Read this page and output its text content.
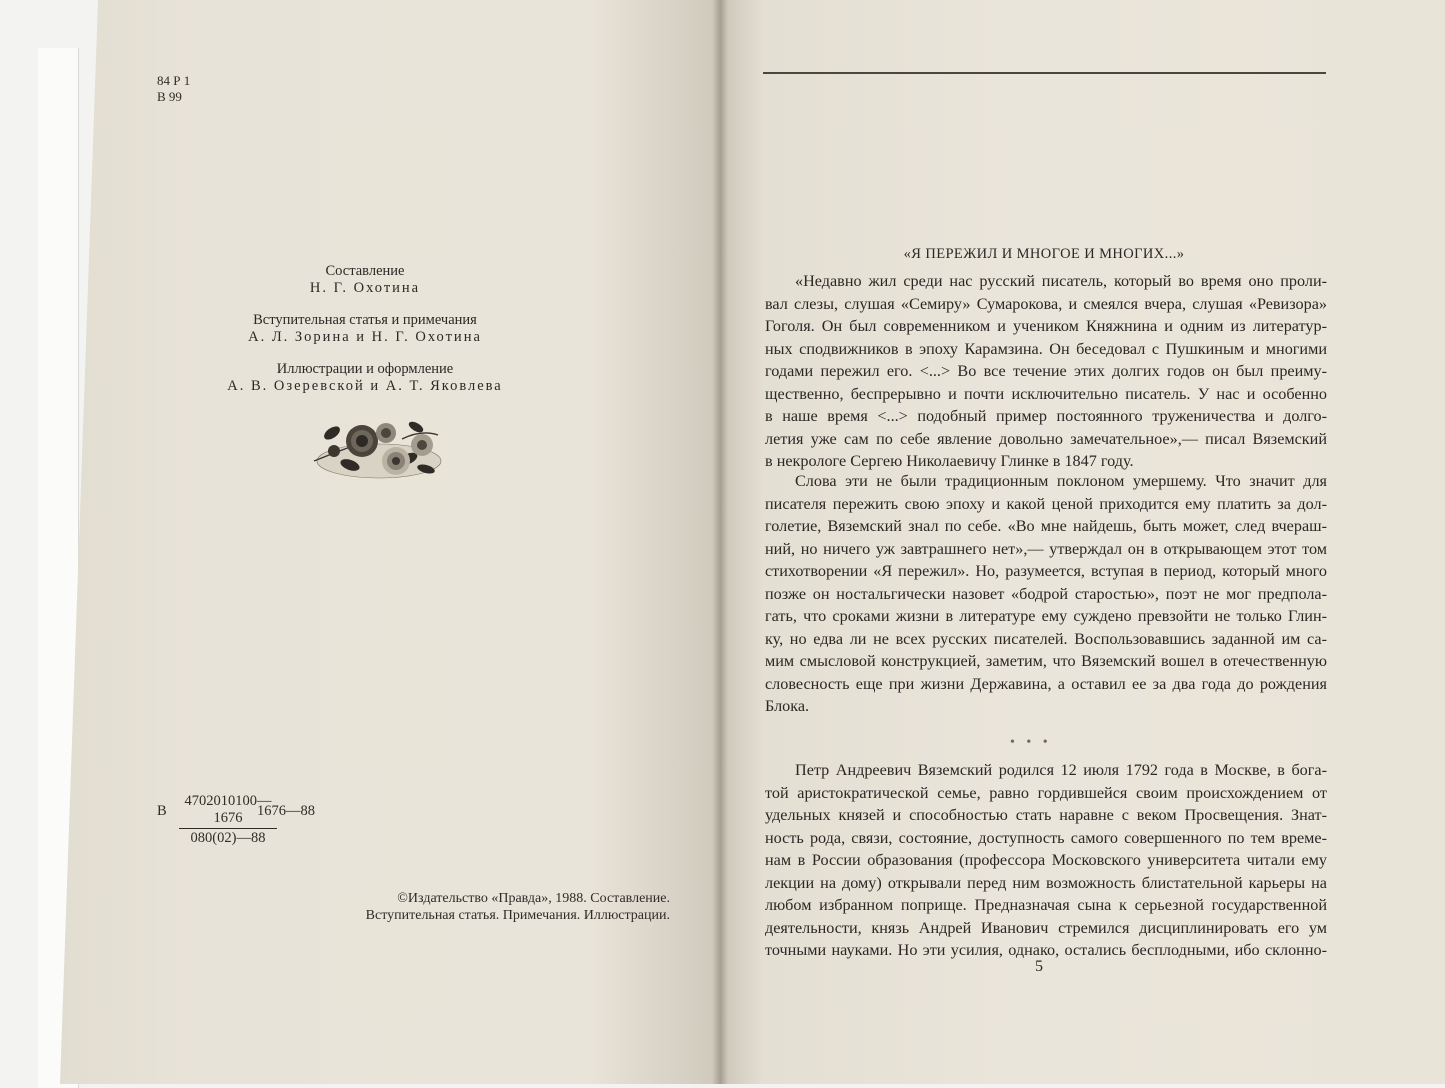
84 Р 1
В 99
Составление
Н. Г. Охотина
Вступительная статья и примечания
А. Л. Зорина и Н. Г. Охотина
Иллюстрации и оформление
А. В. Озеревской и А. Т. Яковлева
В $\frac{4702010100—1676}{080(02)—88}$
1676—88
©Издательство «Правда», 1988. Составление.
Вступительная статья. Примечания. Иллюстрации.
«Я ПЕРЕЖИЛ И МНОГОЕ И МНОГИХ...»
«Недавно жил среди нас русский писатель, который во время оно проли-
вал слезы, слушая «Семиру» Сумарокова, и смеялся вчера, слушая «Ревизора»
Гоголя. Он был современником и учеником Княжнина и одним из литератур-
ных сподвижников в эпоху Карамзина. Он беседовал с Пушкиным и многими
годами пережил его. <...> Во все течение этих долгих годов он был преиму-
щественно, беспрерывно и почти исключительно писатель. У нас и особенно
в наше время <...> подобный пример постоянного труженичества и долго-
летия уже сам по себе явление довольно замечательное»,— писал Вяземский
в некрологе Сергею Николаевичу Глинке в 1847 году.
Слова эти не были традиционным поклоном умершему. Что значит для
писателя пережить свою эпоху и какой ценой приходится ему платить за дол-
голетие, Вяземский знал по себе. «Во мне найдешь, быть может, след вчераш-
ний, но ничего уж завтрашнего нет»,— утверждал он в открывающем этот том
стихотворении «Я пережил». Но, разумеется, вступая в период, который много
позже он ностальгически назовет «бодрой старостью», поэт не мог предпола-
гать, что сроками жизни в литературе ему суждено превзойти не только Глин-
ку, но едва ли не всех русских писателей. Воспользовавшись заданной им са-
мим смысловой конструкцией, заметим, что Вяземский вошел в отечественную
словесность еще при жизни Державина, а оставил ее за два года до рождения
Блока.
• • •
Петр Андреевич Вяземский родился 12 июля 1792 года в Москве, в бога-
той аристократической семье, равно гордившейся своим происхождением от
удельных князей и способностью стать наравне с веком Просвещения. Знат-
ность рода, связи, состояние, доступность самого совершенного по тем време-
нам в России образования (профессора Московского университета читали ему
лекции на дому) открывали перед ним возможность блистательной карьеры на
любом избранном поприще. Предназначая сына к серьезной государственной
деятельности, князь Андрей Иванович стремился дисциплинировать его ум
точными науками. Но эти усилия, однако, остались бесплодными, ибо склонно-
5
